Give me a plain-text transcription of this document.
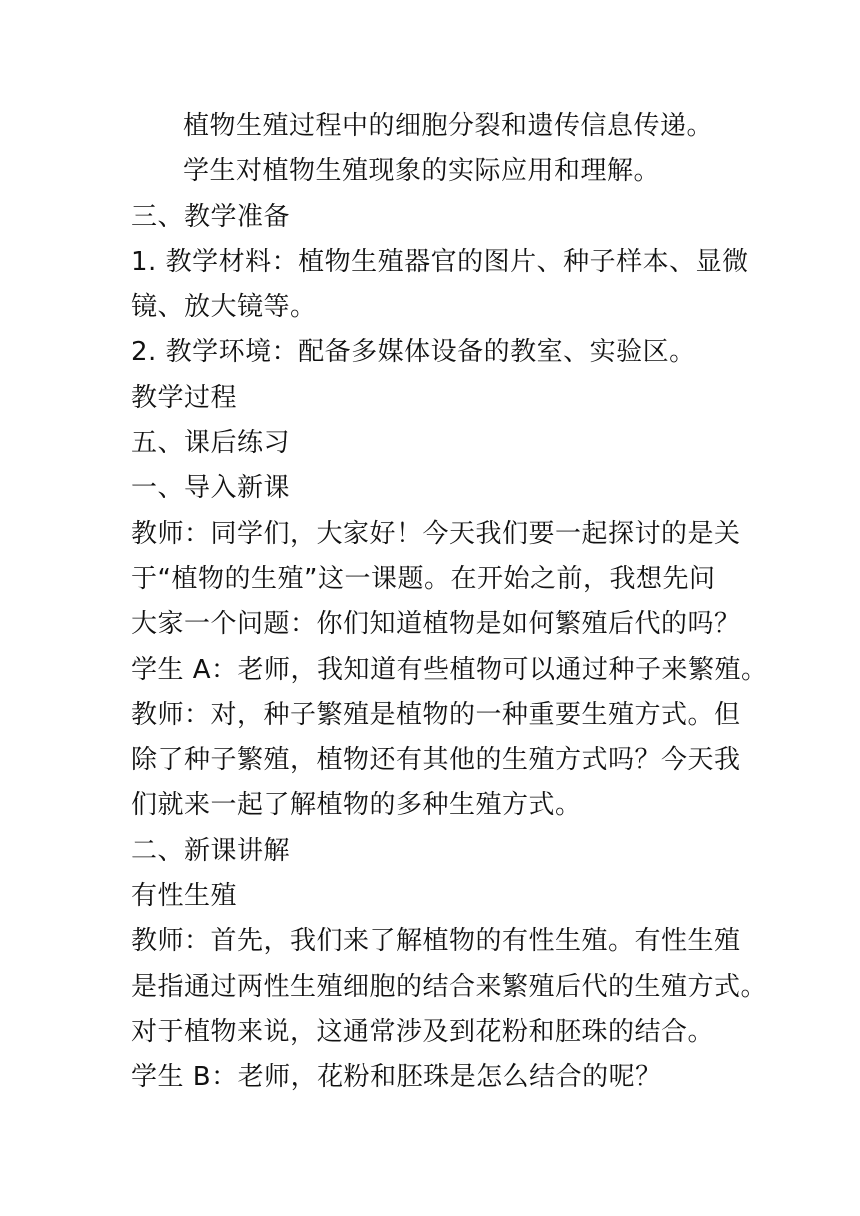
植物生殖过程中的细胞分裂和遗传信息传递。
学生对植物生殖现象的实际应用和理解。
三、教学准备
1. 教学材料：植物生殖器官的图片、种子样本、显微
镜、放大镜等。
2. 教学环境：配备多媒体设备的教室、实验区。
教学过程
五、课后练习
一、导入新课
教师：同学们，大家好！今天我们要一起探讨的是关
于“植物的生殖”这一课题。在开始之前，我想先问
大家一个问题：你们知道植物是如何繁殖后代的吗？
学生 A：老师，我知道有些植物可以通过种子来繁殖。
教师：对，种子繁殖是植物的一种重要生殖方式。但
除了种子繁殖，植物还有其他的生殖方式吗？今天我
们就来一起了解植物的多种生殖方式。
二、新课讲解
有性生殖
教师：首先，我们来了解植物的有性生殖。有性生殖
是指通过两性生殖细胞的结合来繁殖后代的生殖方式。
对于植物来说，这通常涉及到花粉和胚珠的结合。
学生 B：老师，花粉和胚珠是怎么结合的呢？
